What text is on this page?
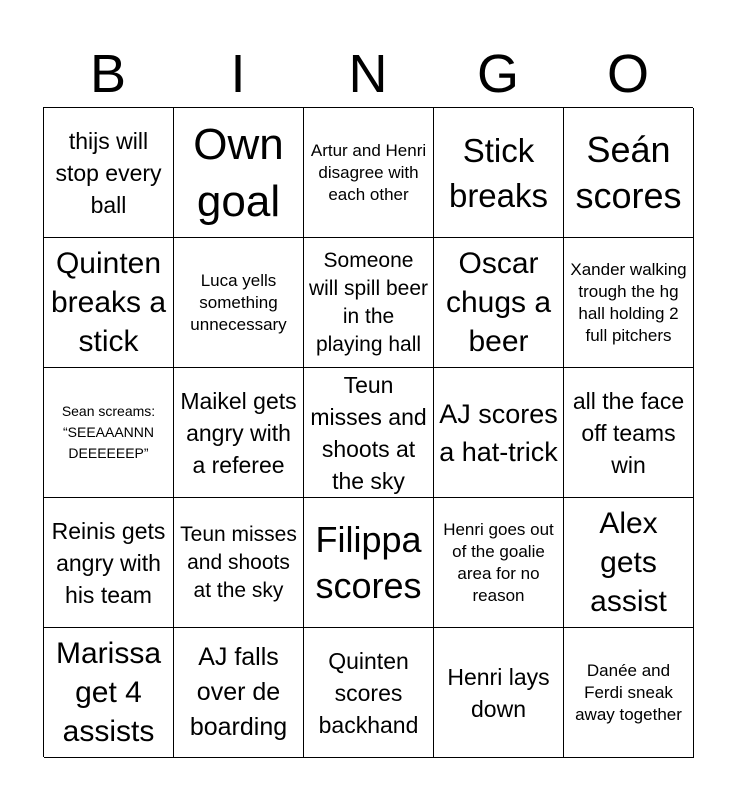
B	I	N	G	O
thijs will stop every ball
Own goal
Artur and Henri disagree with each other
Stick breaks
Seán scores
Quinten breaks a stick
Luca yells something unnecessary
Someone will spill beer in the playing hall
Oscar chugs a beer
Xander walking trough the hg hall holding 2 full pitchers
Sean screams: “SEEAAANNN DEEEEEEP”
Maikel gets angry with a referee
Teun misses and shoots at the sky
AJ scores a hat-trick
all the face off teams win
Reinis gets angry with his team
Teun misses and shoots at the sky
Filippa scores
Henri goes out of the goalie area for no reason
Alex gets assist
Marissa get 4 assists
AJ falls over de boarding
Quinten scores backhand
Henri lays down
Danée and Ferdi sneak away together
